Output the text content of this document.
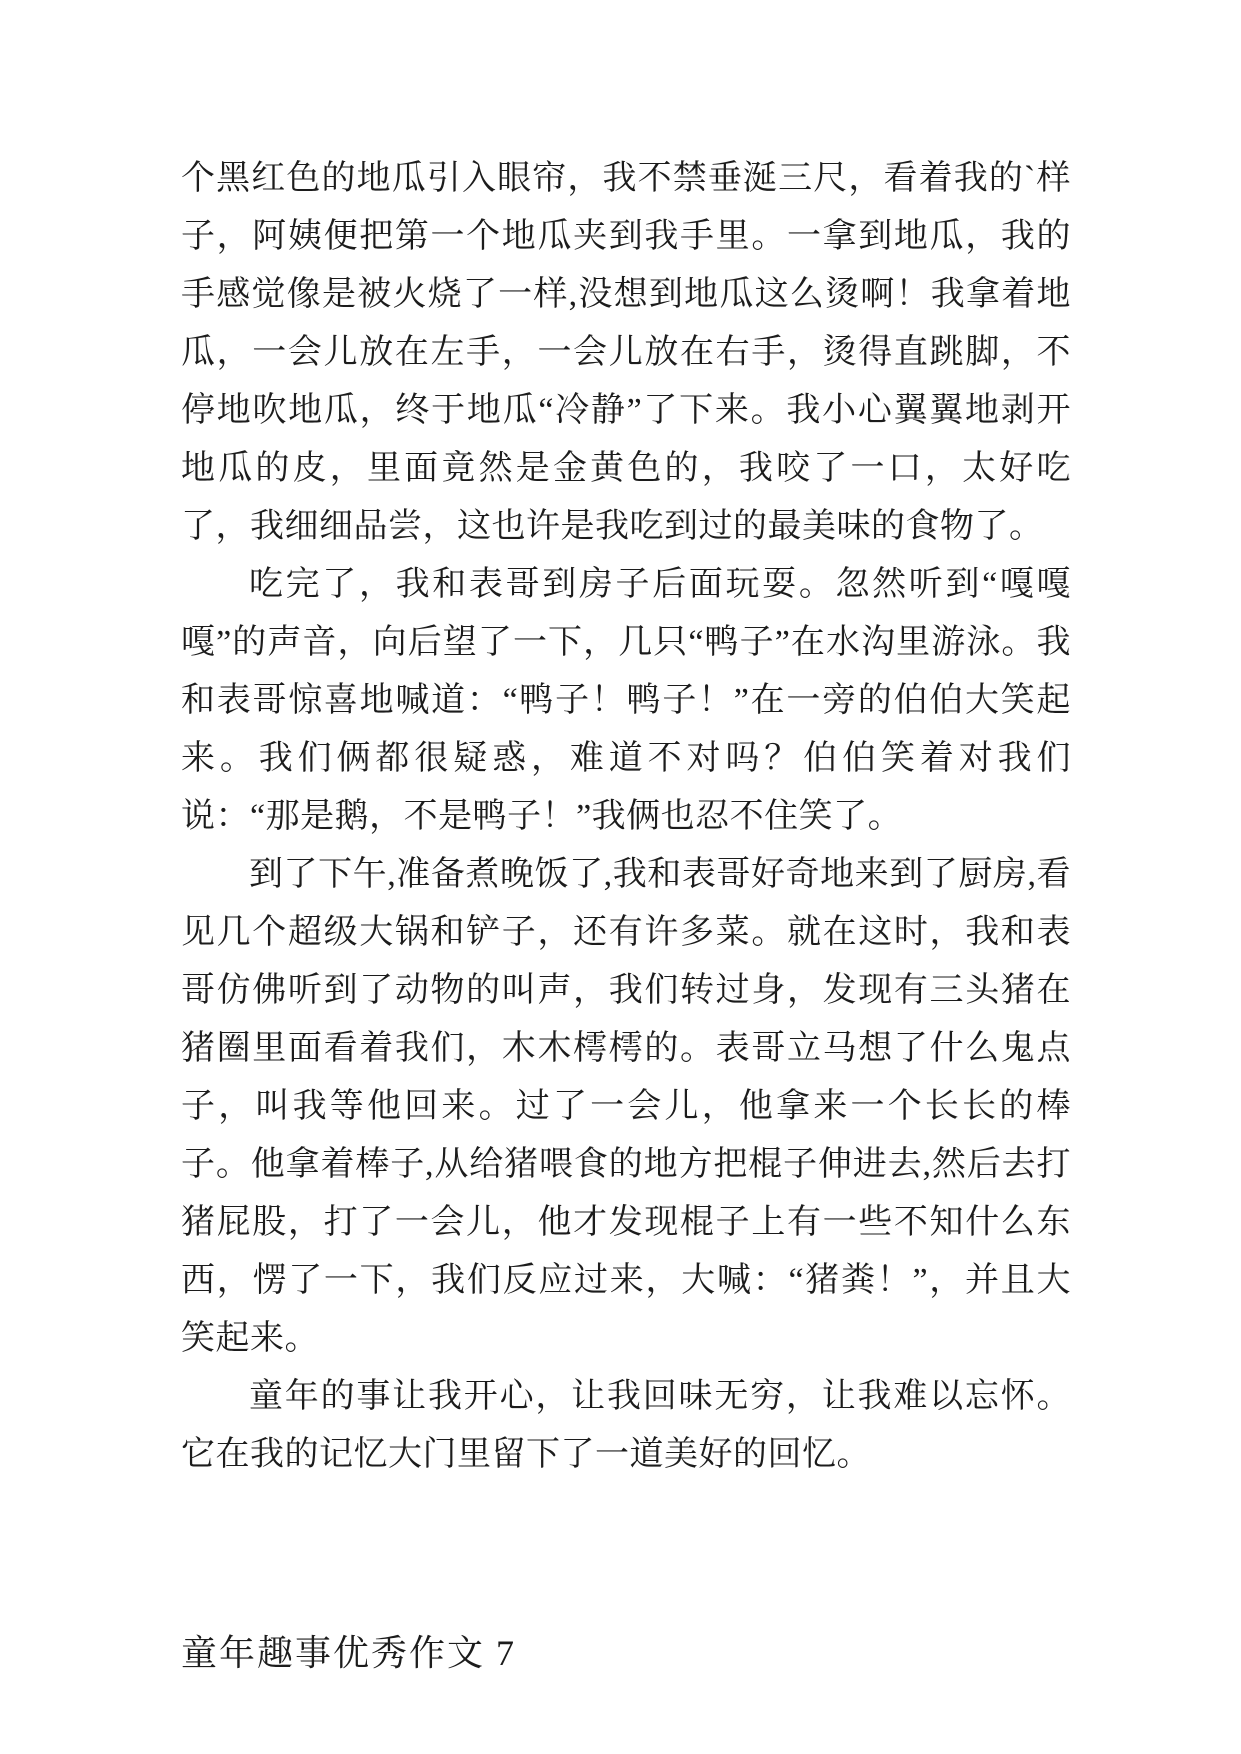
个黑红色的地瓜引入眼帘，我不禁垂涎三尺，看着我的`样子，阿姨便把第一个地瓜夹到我手里。一拿到地瓜，我的手感觉像是被火烧了一样,没想到地瓜这么烫啊！我拿着地瓜，一会儿放在左手，一会儿放在右手，烫得直跳脚，不停地吹地瓜，终于地瓜“冷静”了下来。我小心翼翼地剥开地瓜的皮，里面竟然是金黄色的，我咬了一口，太好吃了，我细细品尝，这也许是我吃到过的最美味的食物了。

吃完了，我和表哥到房子后面玩耍。忽然听到“嘎嘎嘎”的声音，向后望了一下，几只“鸭子”在水沟里游泳。我和表哥惊喜地喊道：“鸭子！鸭子！”在一旁的伯伯大笑起来。我们俩都很疑惑，难道不对吗？伯伯笑着对我们说：“那是鹅，不是鸭子！”我俩也忍不住笑了。

到了下午,准备煮晚饭了,我和表哥好奇地来到了厨房,看见几个超级大锅和铲子，还有许多菜。就在这时，我和表哥仿佛听到了动物的叫声，我们转过身，发现有三头猪在猪圈里面看着我们，木木樗樗的。表哥立马想了什么鬼点子，叫我等他回来。过了一会儿，他拿来一个长长的棒子。他拿着棒子,从给猪喂食的地方把棍子伸进去,然后去打猪屁股，打了一会儿，他才发现棍子上有一些不知什么东西，愣了一下，我们反应过来，大喊：“猪粪！”，并且大笑起来。

童年的事让我开心，让我回味无穷，让我难以忘怀。它在我的记忆大门里留下了一道美好的回忆。

童年趣事优秀作文 7
